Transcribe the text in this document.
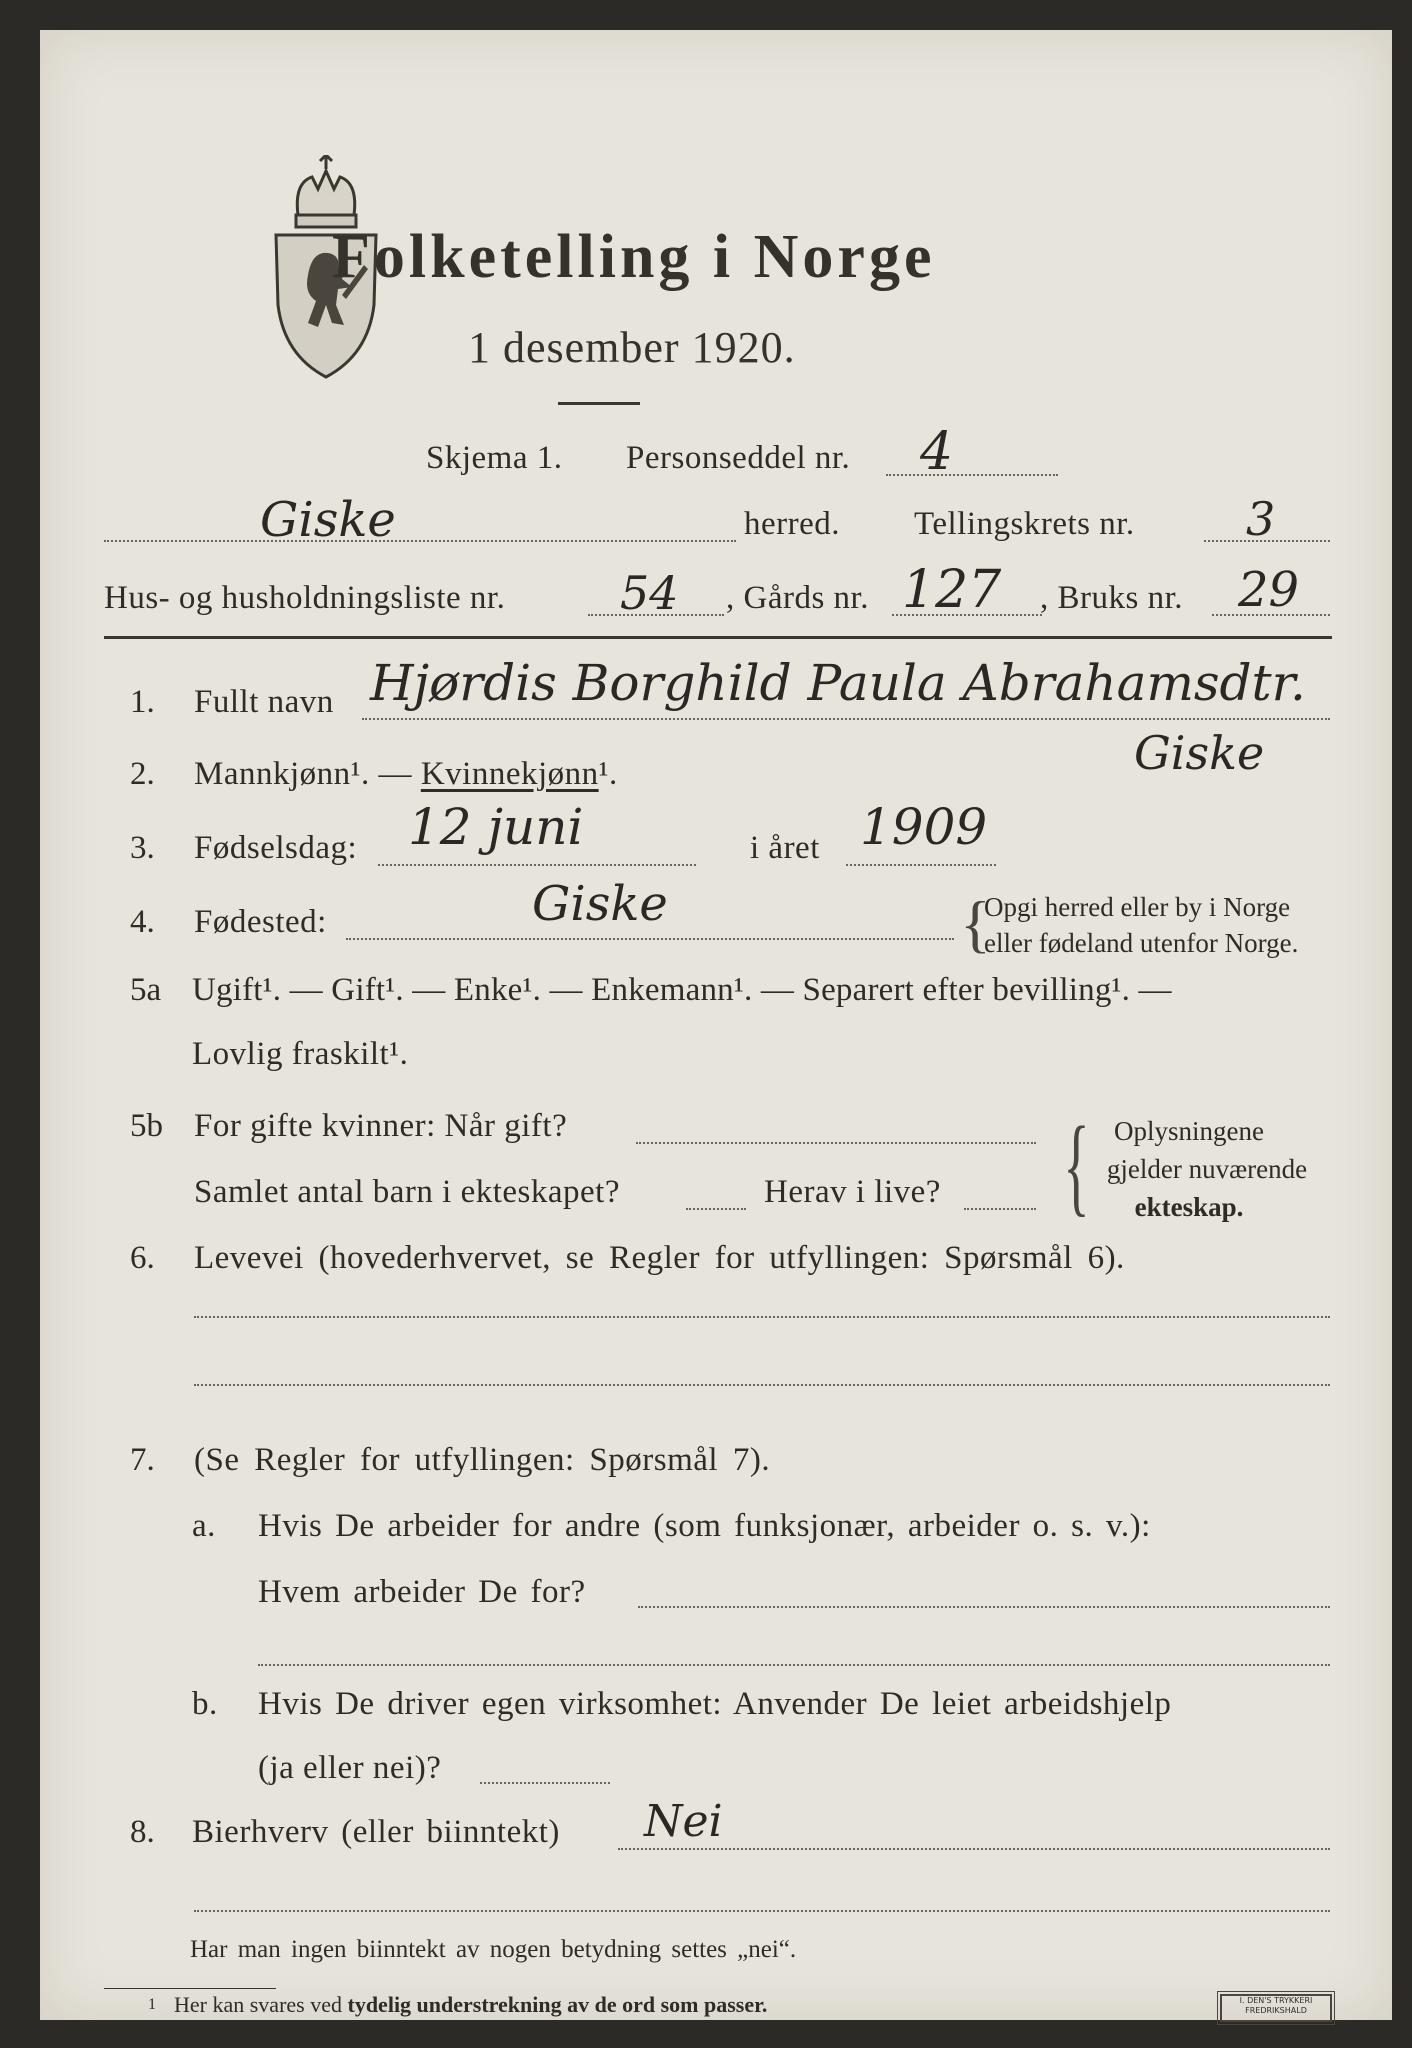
Folketelling i Norge
1 desember 1920.
Skjema 1. Personseddel nr. 4
Giske	herred. Tellingskrets nr. 3
Hus- og husholdningsliste nr. 54 , Gårds nr. 127 , Bruks nr. 29
1. Fullt navn Hjørdis Borghild Paula Abrahamsdtr.
Giske
2. Mannkjønn¹. — Kvinnekjønn¹.
3. Fødselsdag: 12 juni	i året 1909
4. Fødested:	Giske	{
Opgi herred eller by i Norge
eller fødeland utenfor Norge.
5a Ugift¹. — Gift¹. — Enke¹. — Enkemann¹. — Separert efter bevilling¹. —
Lovlig fraskilt¹.
5b For gifte kvinner: Når gift?
Samlet antal barn i ekteskapet?	Herav i live? { Oplysningene
gjelder nuværende
ekteskap.
6. Levevei (hovederhvervet, se Regler for utfyllingen: Spørsmål 6).
7. (Se Regler for utfyllingen: Spørsmål 7).
a. Hvis De arbeider for andre (som funksjonær, arbeider o. s. v.):
Hvem arbeider De for?
b. Hvis De driver egen virksomhet: Anvender De leiet arbeidshjelp
(ja eller nei)?
8. Bierhverv (eller biinntekt) Nei
Har man ingen biinntekt av nogen betydning settes „nei“.
1 Her kan svares ved tydelig understrekning av de ord som passer.	I. DEN'S TRYKKERI
FREDRIKSHALD
